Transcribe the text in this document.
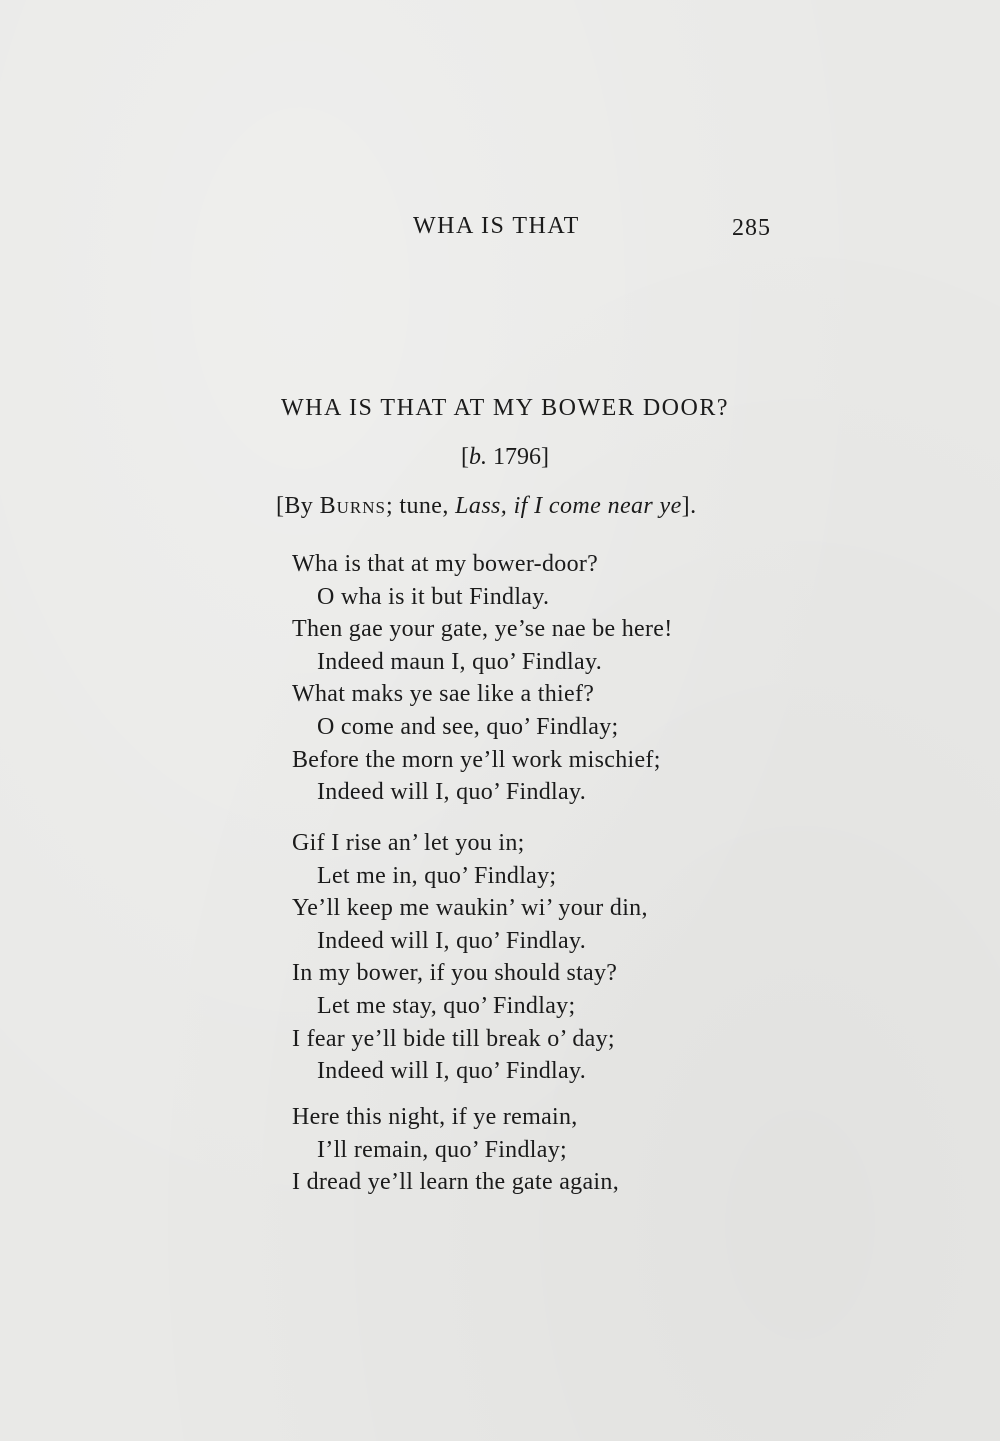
WHA IS THAT	285
WHA IS THAT AT MY BOWER DOOR?
[b. 1796]
[By Burns; tune, Lass, if I come near ye].
Wha is that at my bower-door?
O wha is it but Findlay.
Then gae your gate, ye’se nae be here!
Indeed maun I, quo’ Findlay.
What maks ye sae like a thief?
O come and see, quo’ Findlay;
Before the morn ye’ll work mischief;
Indeed will I, quo’ Findlay.
Gif I rise an’ let you in;
Let me in, quo’ Findlay;
Ye’ll keep me waukin’ wi’ your din,
Indeed will I, quo’ Findlay.
In my bower, if you should stay?
Let me stay, quo’ Findlay;
I fear ye’ll bide till break o’ day;
Indeed will I, quo’ Findlay.
Here this night, if ye remain,
I’ll remain, quo’ Findlay;
I dread ye’ll learn the gate again,
